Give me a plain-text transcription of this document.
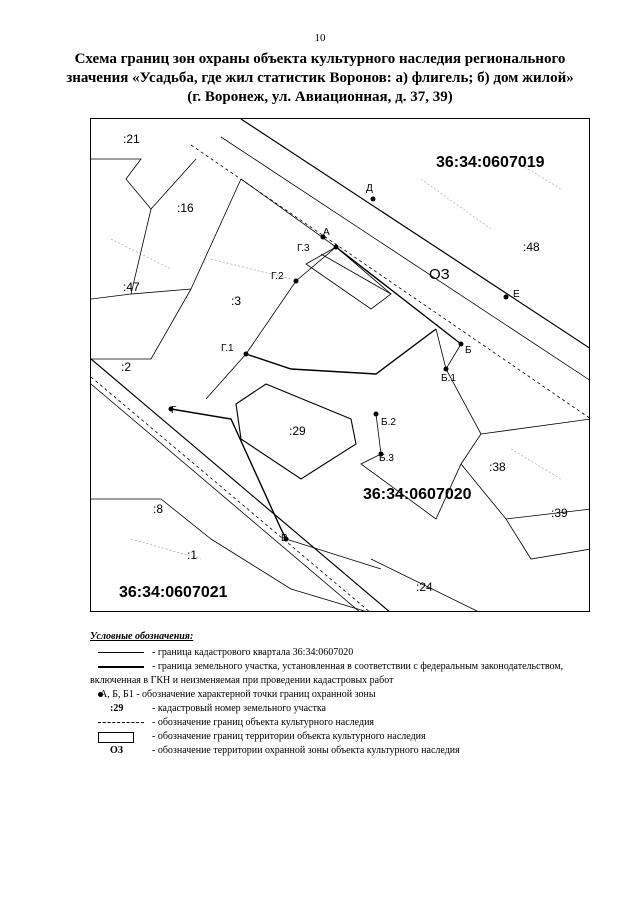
10
Схема границ зон охраны объекта культурного наследия регионального
значения «Усадьба, где жил статистик Воронов: а) флигель; б) дом жилой»
(г. Воронеж, ул. Авиационная, д. 37, 39)
36:34:0607019
36:34:0607020
36:34:0607021
ОЗ
:21
:16
:47
:3
:29
:48
:38
:39
:8
:1
:2
:24
А
Б
Б.1
Б.2
Б.3
В
Г
Г.1
Г.2
Г.3
Д
Е
Условные обозначения:
- граница кадастрового квартала 36:34:0607020
- граница земельного участка, установленная в соответствии с федеральным законодательством, включенная в ГКН и неизменяемая при проведении кадастровых работ
А, Б, Б1 - обозначение характерной точки границ охранной зоны
:29	- кадастровый номер земельного участка
- обозначение границ объекта культурного наследия
- обозначение границ территории объекта культурного наследия
ОЗ	- обозначение территории охранной зоны объекта культурного наследия
